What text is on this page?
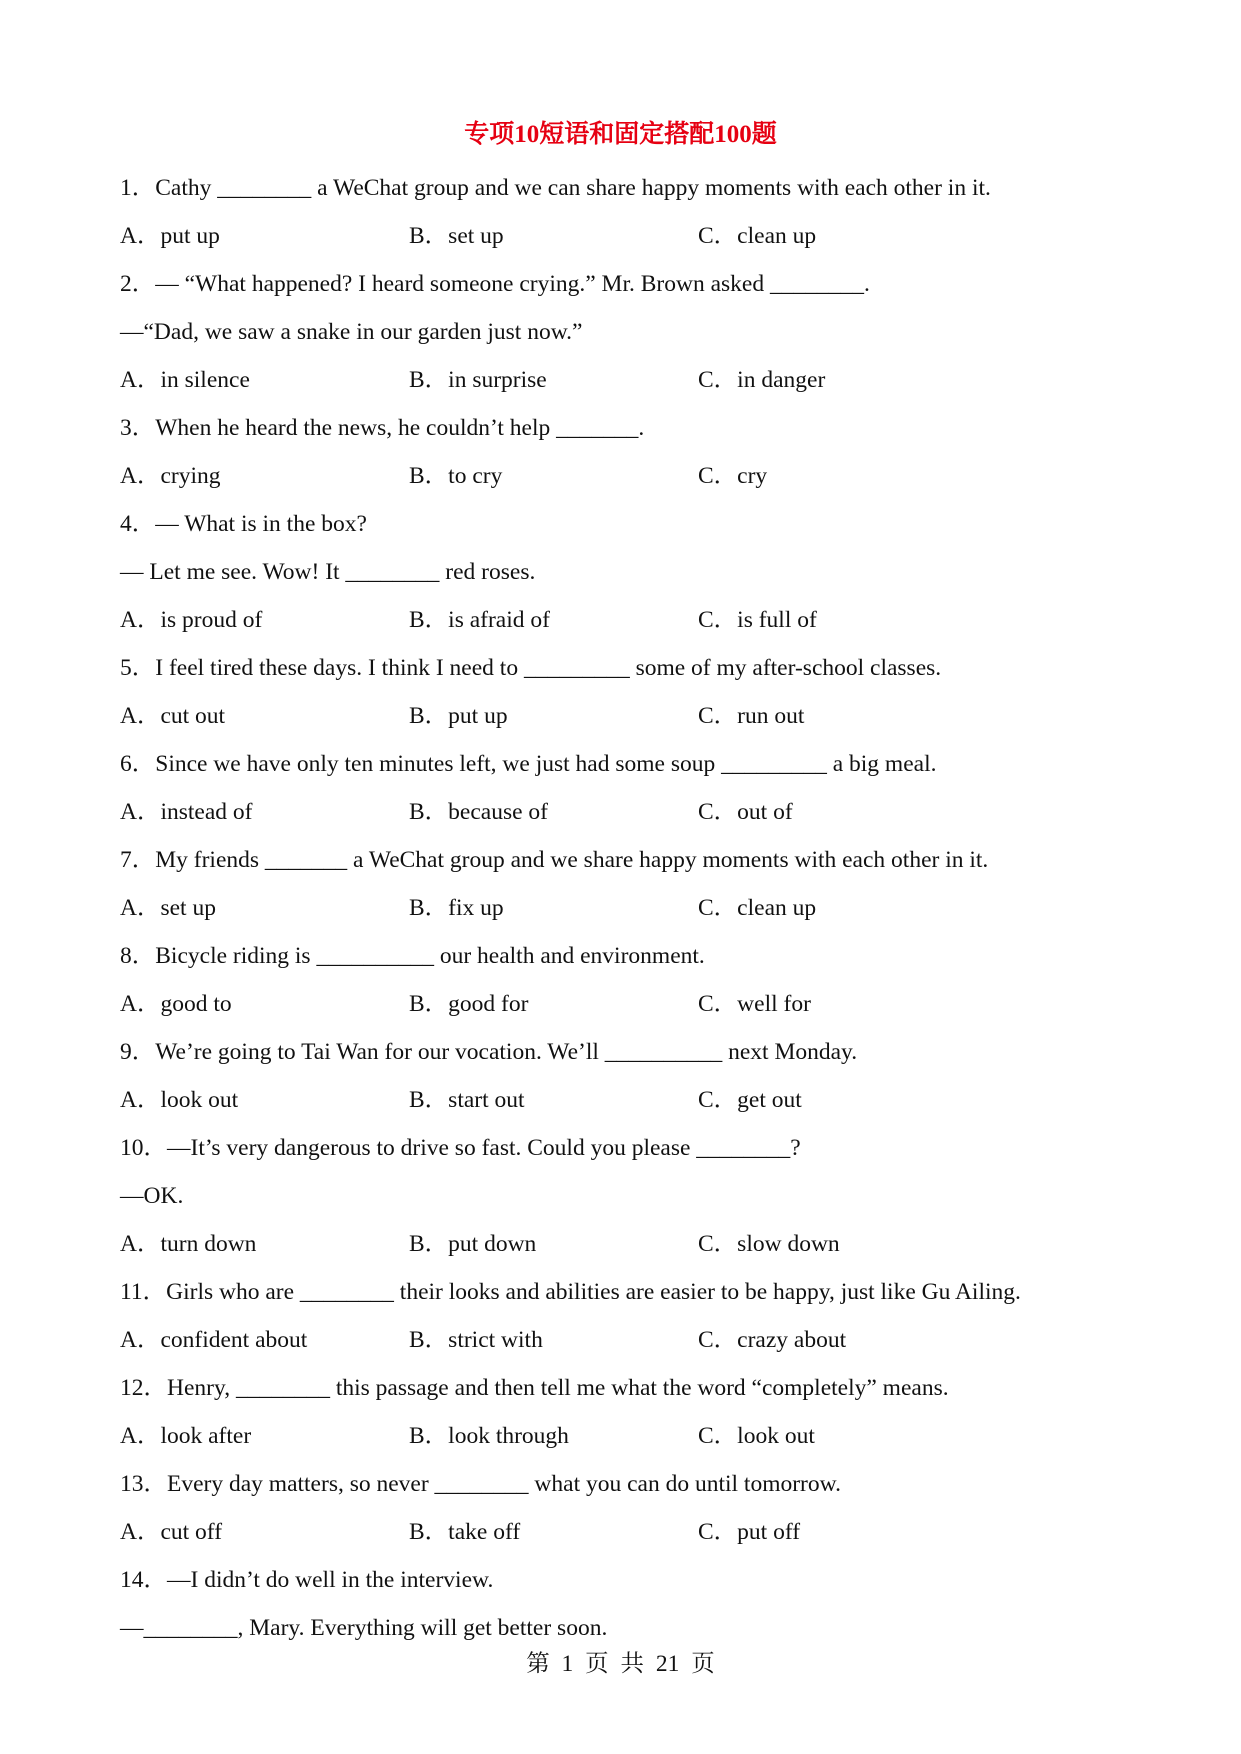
专项10短语和固定搭配100题
1．Cathy ________ a WeChat group and we can share happy moments with each other in it.
A．put up	B．set up	C．clean up
2．— “What happened? I heard someone crying.” Mr. Brown asked ________.
—“Dad, we saw a snake in our garden just now.”
A．in silence	B．in surprise	C．in danger
3．When he heard the news, he couldn’t help _______.
A．crying	B．to cry	C．cry
4．— What is in the box?
— Let me see. Wow! It ________ red roses.
A．is proud of	B．is afraid of	C．is full of
5．I feel tired these days. I think I need to _________ some of my after-school classes.
A．cut out	B．put up	C．run out
6．Since we have only ten minutes left, we just had some soup _________ a big meal.
A．instead of	B．because of	C．out of
7．My friends _______ a WeChat group and we share happy moments with each other in it.
A．set up	B．fix up	C．clean up
8．Bicycle riding is __________ our health and environment.
A．good to	B．good for	C．well for
9．We’re going to Tai Wan for our vocation. We’ll __________ next Monday.
A．look out	B．start out	C．get out
10．—It’s very dangerous to drive so fast. Could you please ________?
—OK.
A．turn down	B．put down	C．slow down
11．Girls who are ________ their looks and abilities are easier to be happy, just like Gu Ailing.
A．confident about	B．strict with	C．crazy about
12．Henry, ________ this passage and then tell me what the word “completely” means.
A．look after	B．look through	C．look out
13．Every day matters, so never ________ what you can do until tomorrow.
A．cut off	B．take off	C．put off
14．—I didn’t do well in the interview.
—________, Mary. Everything will get better soon.
第 1 页 共 21 页
